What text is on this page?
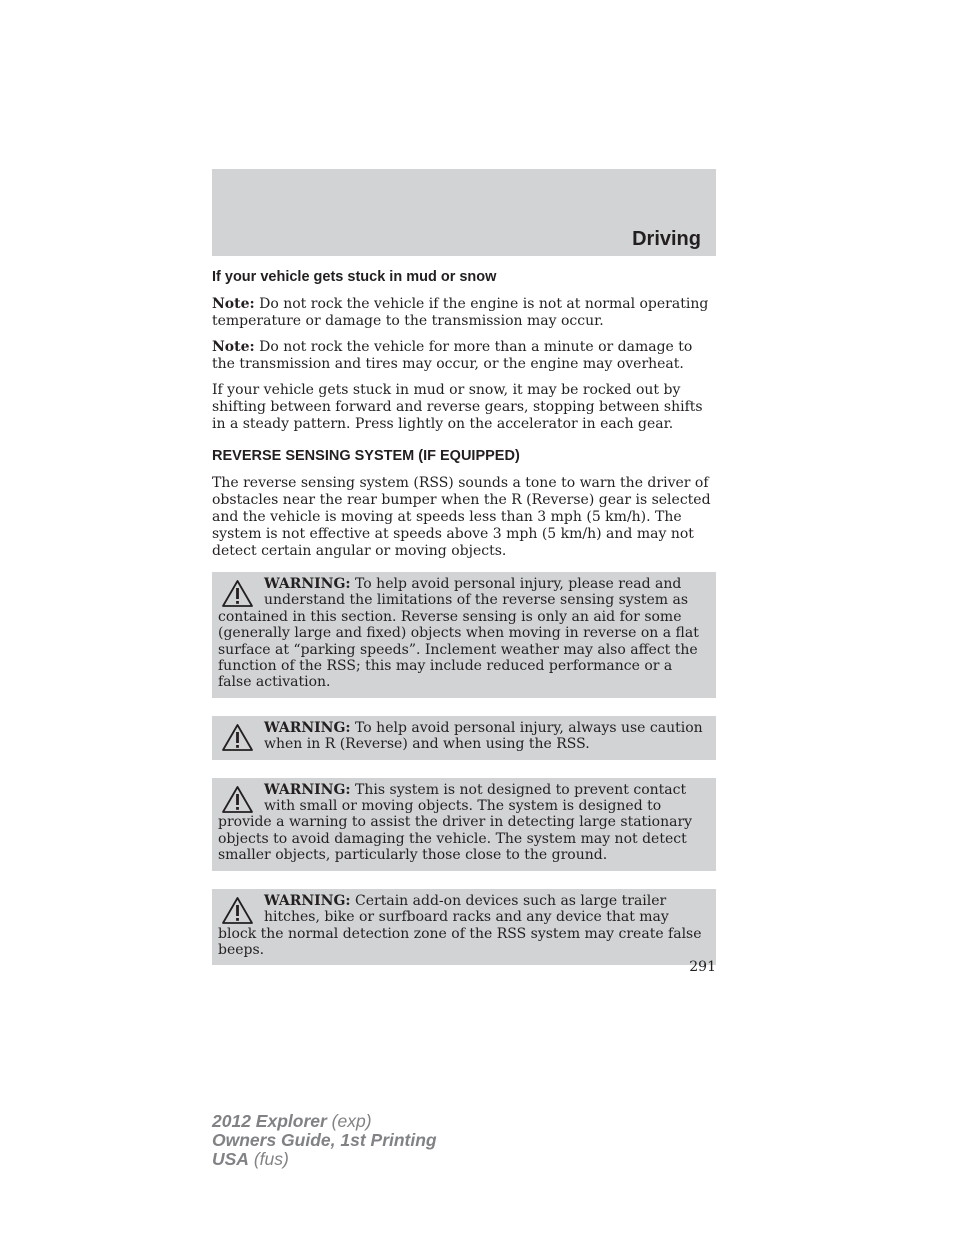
Driving
If your vehicle gets stuck in mud or snow

Note: Do not rock the vehicle if the engine is not at normal operating temperature or damage to the transmission may occur.

Note: Do not rock the vehicle for more than a minute or damage to the transmission and tires may occur, or the engine may overheat.

If your vehicle gets stuck in mud or snow, it may be rocked out by shifting between forward and reverse gears, stopping between shifts in a steady pattern. Press lightly on the accelerator in each gear.

REVERSE SENSING SYSTEM (IF EQUIPPED)

The reverse sensing system (RSS) sounds a tone to warn the driver of obstacles near the rear bumper when the R (Reverse) gear is selected and the vehicle is moving at speeds less than 3 mph (5 km/h). The system is not effective at speeds above 3 mph (5 km/h) and may not detect certain angular or moving objects.

WARNING: To help avoid personal injury, please read and understand the limitations of the reverse sensing system as contained in this section. Reverse sensing is only an aid for some (generally large and fixed) objects when moving in reverse on a flat surface at “parking speeds”. Inclement weather may also affect the function of the RSS; this may include reduced performance or a false activation.
WARNING: To help avoid personal injury, always use caution when in R (Reverse) and when using the RSS.
WARNING: This system is not designed to prevent contact with small or moving objects. The system is designed to provide a warning to assist the driver in detecting large stationary objects to avoid damaging the vehicle. The system may not detect smaller objects, particularly those close to the ground.
WARNING: Certain add-on devices such as large trailer hitches, bike or surfboard racks and any device that may block the normal detection zone of the RSS system may create false beeps.
291
2012 Explorer (exp)
Owners Guide, 1st Printing
USA (fus)
